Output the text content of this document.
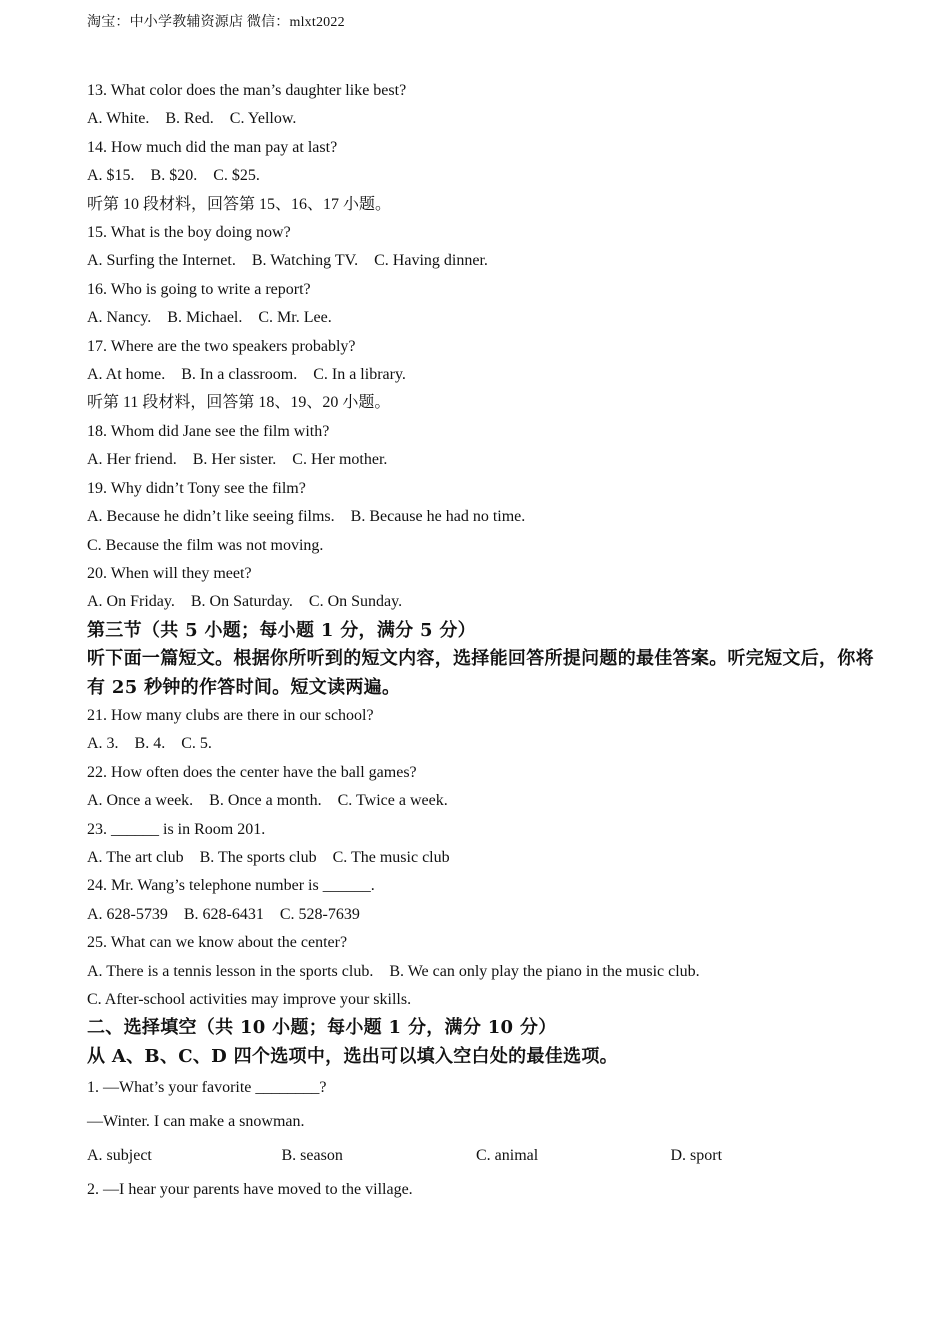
淘宝：中小学教辅资源店 微信：mlxt2022
13. What color does the man’s daughter like best?
A. White.    B. Red.    C. Yellow.
14. How much did the man pay at last?
A. $15.    B. $20.    C. $25.
听第 10 段材料，回答第 15、16、17 小题。
15. What is the boy doing now?
A. Surfing the Internet.    B. Watching TV.    C. Having dinner.
16. Who is going to write a report?
A. Nancy.    B. Michael.    C. Mr. Lee.
17. Where are the two speakers probably?
A. At home.    B. In a classroom.    C. In a library.
听第 11 段材料，回答第 18、19、20 小题。
18. Whom did Jane see the film with?
A. Her friend.    B. Her sister.    C. Her mother.
19. Why didn’t Tony see the film?
A. Because he didn’t like seeing films.    B. Because he had no time.
C. Because the film was not moving.
20. When will they meet?
A. On Friday.    B. On Saturday.    C. On Sunday.
第三节（共 5 小题；每小题 1 分，满分 5 分）
听下面一篇短文。根据你所听到的短文内容，选择能回答所提问题的最佳答案。听完短文后，你将有 25 秒钟的作答时间。短文读两遍。
21. How many clubs are there in our school?
A. 3.    B. 4.    C. 5.
22. How often does the center have the ball games?
A. Once a week.    B. Once a month.    C. Twice a week.
23. ______ is in Room 201.
A. The art club    B. The sports club    C. The music club
24. Mr. Wang’s telephone number is ______.
A. 628-5739    B. 628-6431    C. 528-7639
25. What can we know about the center?
A. There is a tennis lesson in the sports club.    B. We can only play the piano in the music club.
C. After-school activities may improve your skills.
二、选择填空（共 10 小题；每小题 1 分，满分 10 分）
从 A、B、C、D 四个选项中，选出可以填入空白处的最佳选项。
1. —What’s your favorite ________?
—Winter. I can make a snowman.
A. subject	B. season	C. animal	D. sport
2. —I hear your parents have moved to the village.
